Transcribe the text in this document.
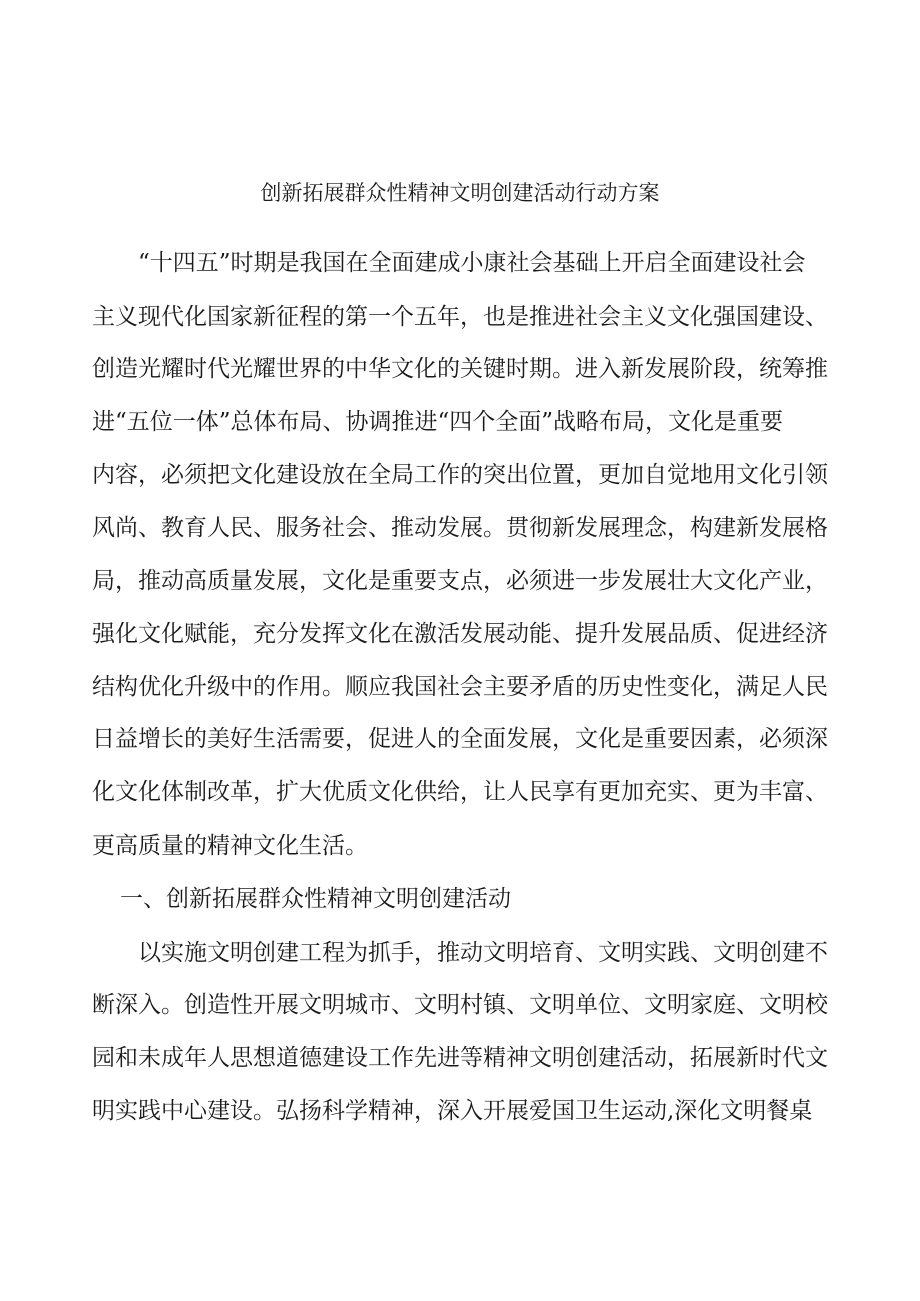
创新拓展群众性精神文明创建活动行动方案

“十四五”时期是我国在全面建成小康社会基础上开启全面建设社会

主义现代化国家新征程的第一个五年，也是推进社会主义文化强国建设、

创造光耀时代光耀世界的中华文化的关键时期。进入新发展阶段，统筹推

进“五位一体”总体布局、协调推进“四个全面”战略布局，文化是重要

内容，必须把文化建设放在全局工作的突出位置，更加自觉地用文化引领

风尚、教育人民、服务社会、推动发展。贯彻新发展理念，构建新发展格

局，推动高质量发展，文化是重要支点，必须进一步发展壮大文化产业，

强化文化赋能，充分发挥文化在激活发展动能、提升发展品质、促进经济

结构优化升级中的作用。顺应我国社会主要矛盾的历史性变化，满足人民

日益增长的美好生活需要，促进人的全面发展，文化是重要因素，必须深

化文化体制改革，扩大优质文化供给，让人民享有更加充实、更为丰富、

更高质量的精神文化生活。

一、创新拓展群众性精神文明创建活动

以实施文明创建工程为抓手，推动文明培育、文明实践、文明创建不

断深入。创造性开展文明城市、文明村镇、文明单位、文明家庭、文明校

园和未成年人思想道德建设工作先进等精神文明创建活动，拓展新时代文

明实践中心建设。弘扬科学精神，深入开展爱国卫生运动,深化文明餐桌
